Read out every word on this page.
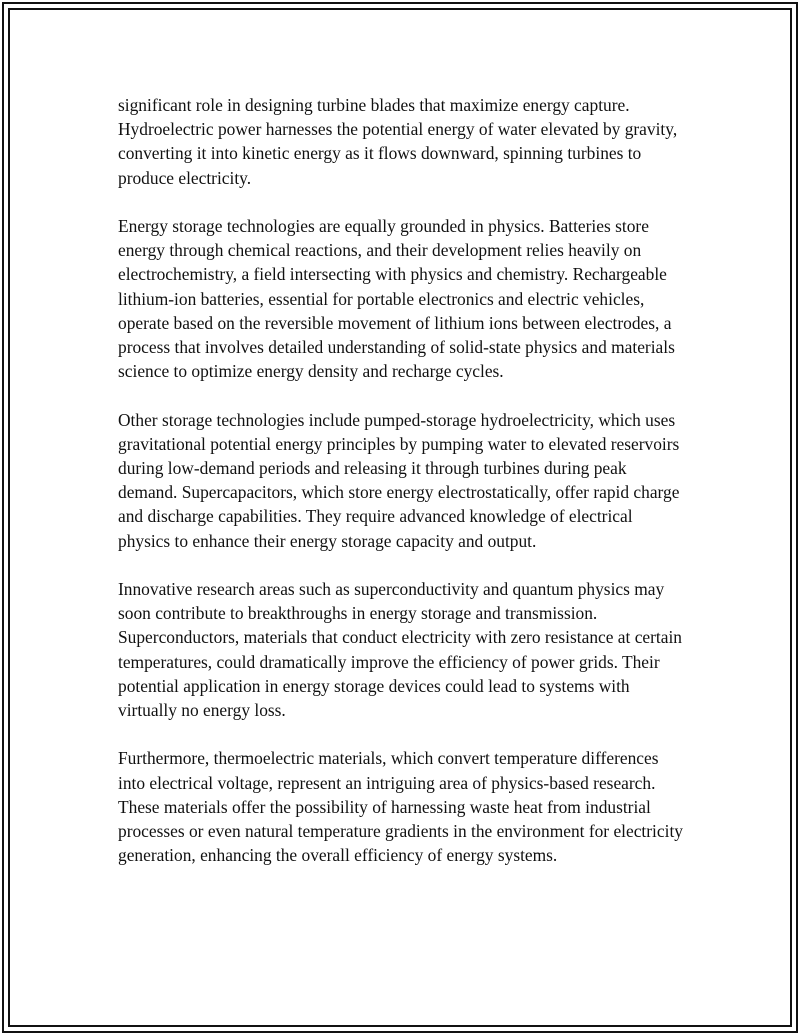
significant role in designing turbine blades that maximize energy capture. Hydroelectric power harnesses the potential energy of water elevated by gravity, converting it into kinetic energy as it flows downward, spinning turbines to produce electricity.

Energy storage technologies are equally grounded in physics. Batteries store energy through chemical reactions, and their development relies heavily on electrochemistry, a field intersecting with physics and chemistry. Rechargeable lithium-ion batteries, essential for portable electronics and electric vehicles, operate based on the reversible movement of lithium ions between electrodes, a process that involves detailed understanding of solid-state physics and materials science to optimize energy density and recharge cycles.

Other storage technologies include pumped-storage hydroelectricity, which uses gravitational potential energy principles by pumping water to elevated reservoirs during low-demand periods and releasing it through turbines during peak demand. Supercapacitors, which store energy electrostatically, offer rapid charge and discharge capabilities. They require advanced knowledge of electrical physics to enhance their energy storage capacity and output.

Innovative research areas such as superconductivity and quantum physics may soon contribute to breakthroughs in energy storage and transmission. Superconductors, materials that conduct electricity with zero resistance at certain temperatures, could dramatically improve the efficiency of power grids. Their potential application in energy storage devices could lead to systems with virtually no energy loss.

Furthermore, thermoelectric materials, which convert temperature differences into electrical voltage, represent an intriguing area of physics-based research. These materials offer the possibility of harnessing waste heat from industrial processes or even natural temperature gradients in the environment for electricity generation, enhancing the overall efficiency of energy systems.
